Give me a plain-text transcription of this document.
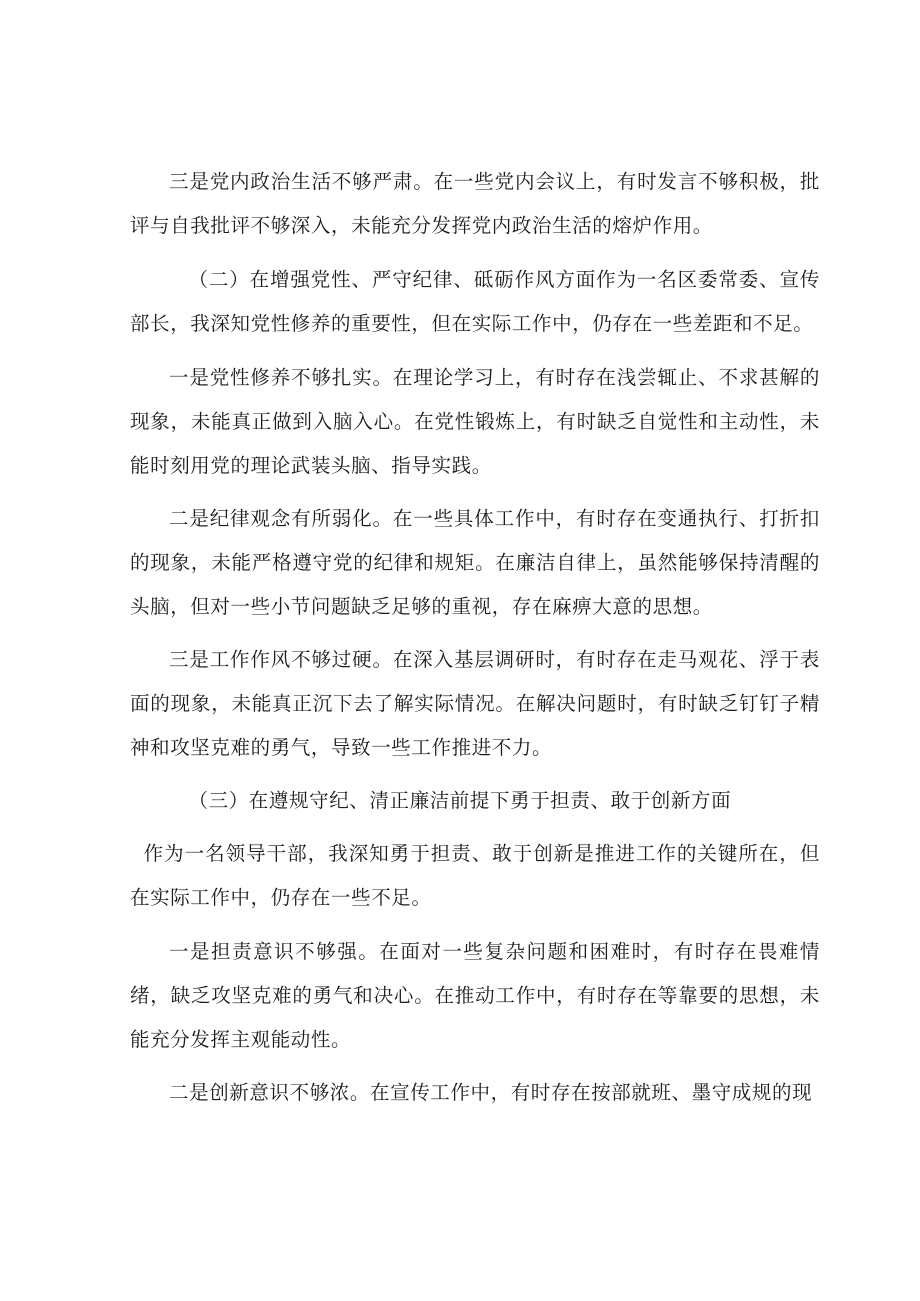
三是党内政治生活不够严肃。在一些党内会议上，有时发言不够积极，批评与自我批评不够深入，未能充分发挥党内政治生活的熔炉作用。

（二）在增强党性、严守纪律、砥砺作风方面作为一名区委常委、宣传部长，我深知党性修养的重要性，但在实际工作中，仍存在一些差距和不足。

一是党性修养不够扎实。在理论学习上，有时存在浅尝辄止、不求甚解的现象，未能真正做到入脑入心。在党性锻炼上，有时缺乏自觉性和主动性，未能时刻用党的理论武装头脑、指导实践。

二是纪律观念有所弱化。在一些具体工作中，有时存在变通执行、打折扣的现象，未能严格遵守党的纪律和规矩。在廉洁自律上，虽然能够保持清醒的头脑，但对一些小节问题缺乏足够的重视，存在麻痹大意的思想。

三是工作作风不够过硬。在深入基层调研时，有时存在走马观花、浮于表面的现象，未能真正沉下去了解实际情况。在解决问题时，有时缺乏钉钉子精神和攻坚克难的勇气，导致一些工作推进不力。

（三）在遵规守纪、清正廉洁前提下勇于担责、敢于创新方面

作为一名领导干部，我深知勇于担责、敢于创新是推进工作的关键所在，但在实际工作中，仍存在一些不足。

一是担责意识不够强。在面对一些复杂问题和困难时，有时存在畏难情绪，缺乏攻坚克难的勇气和决心。在推动工作中，有时存在等靠要的思想，未能充分发挥主观能动性。

二是创新意识不够浓。在宣传工作中，有时存在按部就班、墨守成规的现
